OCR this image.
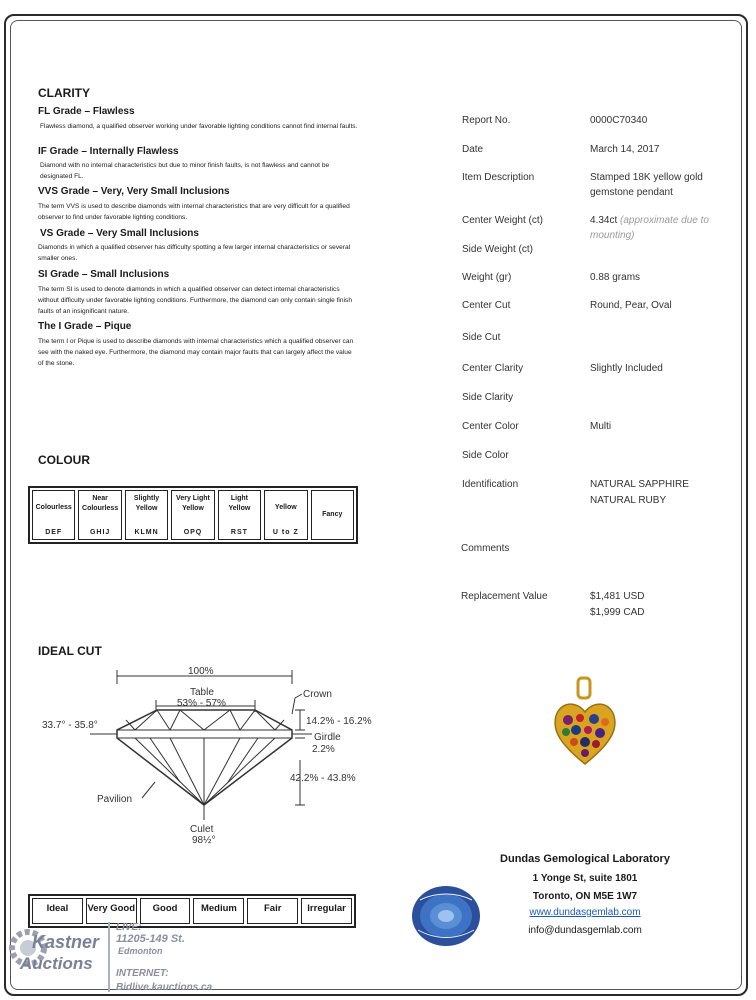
CLARITY
FL Grade – Flawless
Flawless diamond, a qualified observer working under favorable lighting conditions cannot find internal faults.
IF Grade – Internally Flawless
Diamond with no internal characteristics but due to minor finish faults, is not flawless and cannot be designated FL.
VVS Grade – Very, Very Small Inclusions
The term VVS is used to describe diamonds with internal characteristics that are very difficult for a qualified observer to find under favorable lighting conditions.
VS Grade – Very Small Inclusions
Diamonds in which a qualified observer has difficulty spotting a few larger internal characteristics or several smaller ones.
SI Grade – Small Inclusions
The term SI is used to denote diamonds in which a qualified observer can detect internal characteristics without difficulty under favorable lighting conditions. Furthermore, the diamond can only contain single finish faults of an insignificant nature.
The I Grade – Pique
The term I or Pique is used to describe diamonds with internal characteristics which a qualified observer can see with the naked eye. Furthermore, the diamond may contain major faults that can largely affect the value of the stone.
COLOUR
Colourless
DEF
Near Colourless
GHIJ
Slightly Yellow
KLMN
Very Light Yellow
OPQ
Light Yellow
RST
Yellow
U to Z
Fancy
IDEAL CUT
100%
Table
53% - 57%
Crown
33.7° - 35.8°	14.2% - 16.2%
Girdle
2.2%
42.2% - 43.8%
Pavilion
Culet
98½°
Ideal	Very Good	Good	Medium	Fair	Irregular
Report No.	0000C70340
Date	March 14, 2017
Item Description	Stamped 18K yellow gold gemstone pendant
Center Weight (ct)	4.34ct (approximate due to mounting)
Side Weight (ct)
Weight (gr)	0.88 grams
Center Cut	Round, Pear, Oval
Side Cut
Center Clarity	Slightly Included
Side Clarity
Center Color	Multi
Side Color
Identification	NATURAL SAPPHIRE
NATURAL RUBY
Comments
Replacement Value	$1,481 USD
$1,999 CAD
Dundas Gemological Laboratory
1 Yonge St, suite 1801
Toronto, ON M5E 1W7
www.dundasgemlab.com
info@dundasgemlab.com
Kastner
Auctions
LIVE:
11205-149 St.
Edmonton
INTERNET:
Bidlive.kauctions.ca
